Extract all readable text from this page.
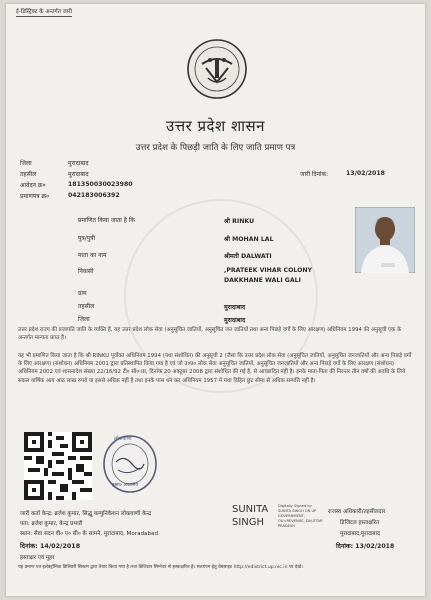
ई-डिस्ट्रिक्ट के अन्तर्गत जारी
उत्तर प्रदेश शासन
उत्तर प्रदेश के पिछड़ी जाति के लिए जाति प्रमाण पत्र
जिला	मुरादाबाद
तहसील	मुरादाबाद
आवेदन क्र०	181350030023980
प्रमाणपत्र क्र०	042183006392
जारी दिनांक:	13/02/2018
प्रमाणित किया जाता है कि	श्री RINKU
पुत्र/पुत्री	श्री MOHAN LAL
माता का नाम	श्रीमती DALWATI
निवासी	,PRATEEK VIHAR COLONY
DAKKHANE WALI GALI
ग्राम
तहसील	मुरादाबाद
जिला	मुरादाबाद
उत्तर प्रदेश राज्य की प्रजापति जाति के व्यक्ति हैं, यह उत्तर प्रदेश लोक सेवा (अनुसूचित जातियों, अनुसूचित जन जातियों तथा अन्य पिछड़े वर्गों के लिए आरक्षण) अधिनियम 1994 की अनुसूची एक के अन्तर्गत मान्यता प्राप्त है।
यह भी प्रमाणित किया जाता है कि श्री RINKU पूर्वोक्त अधिनियम 1994 (यथा संशोधित) की अनुसूची 2 (जैसा कि उत्तर प्रदेश लोक सेवा (अनुसूचित जातियों, अनुसूचित जनजातियों और अन्य पिछड़े वर्गों के लिए आरक्षण) (संशोधन) अधिनियम 2001 द्वारा प्रतिस्थापित किया गया है एवं जो उ०प्र० लोक सेवा अनुसूचित जातियों, अनुसूचित जनजातियों और अन्य पिछड़े वर्गों के लिए आरक्षण (संशोधन) अधिनियम 2002 एवं शासनादेश संख्या 22/16/92 टी० सी०-III, दिनांक 20 अक्टूबर 2008 द्वारा संशोधित की गई है, से आच्छादित नहीं है। इनके माता-पिता की निरन्तर तीन वर्षों की अवधि के लिये सकल वार्षिक आय आठ लाख रुपये या इससे अधिक नहीं है तथा इनके पास धन कर अधिनियम 1957 में यथा विहित छूट सीमा से अधिक सम्पत्ति नहीं है।
लोकवाणी
हस्ता० अपठनीय
जारी कर्ता केन्द्र: ब्रजेश कुमार, सिद्धू कम्युनिकेशन लोकवाणी केन्द्र
पता: ब्रजेश कुमार, केन्द्र प्रभारी
स्थान: सेवा सदन वी० ए० सी० के सामने, मुरादाबाद, Moradabad
दिनांक: 14/02/2018
हस्ताक्षर एवं मुहर
यह प्रमाण पत्र इलेक्ट्रॉनिक डिलिवरी सिस्टम द्वारा तैयार किया गया है तथा डिजिटल सिग्नेचर से हस्ताक्षरित है। सत्यापन हेतु वेबसाइट http://edistrict.up.nic.in पर देखें।
SUNITA
SINGH
Digitally Signed by SUNITA SINGH ON UP GOVERNMENT, OU=REVENUE, DAUTTAR PRADESH
राजस्व अधिकारी/तहसीलदार
डिजिटल हस्ताक्षरित
मुरादाबाद,मुरादाबाद
दिनांक: 13/02/2018
